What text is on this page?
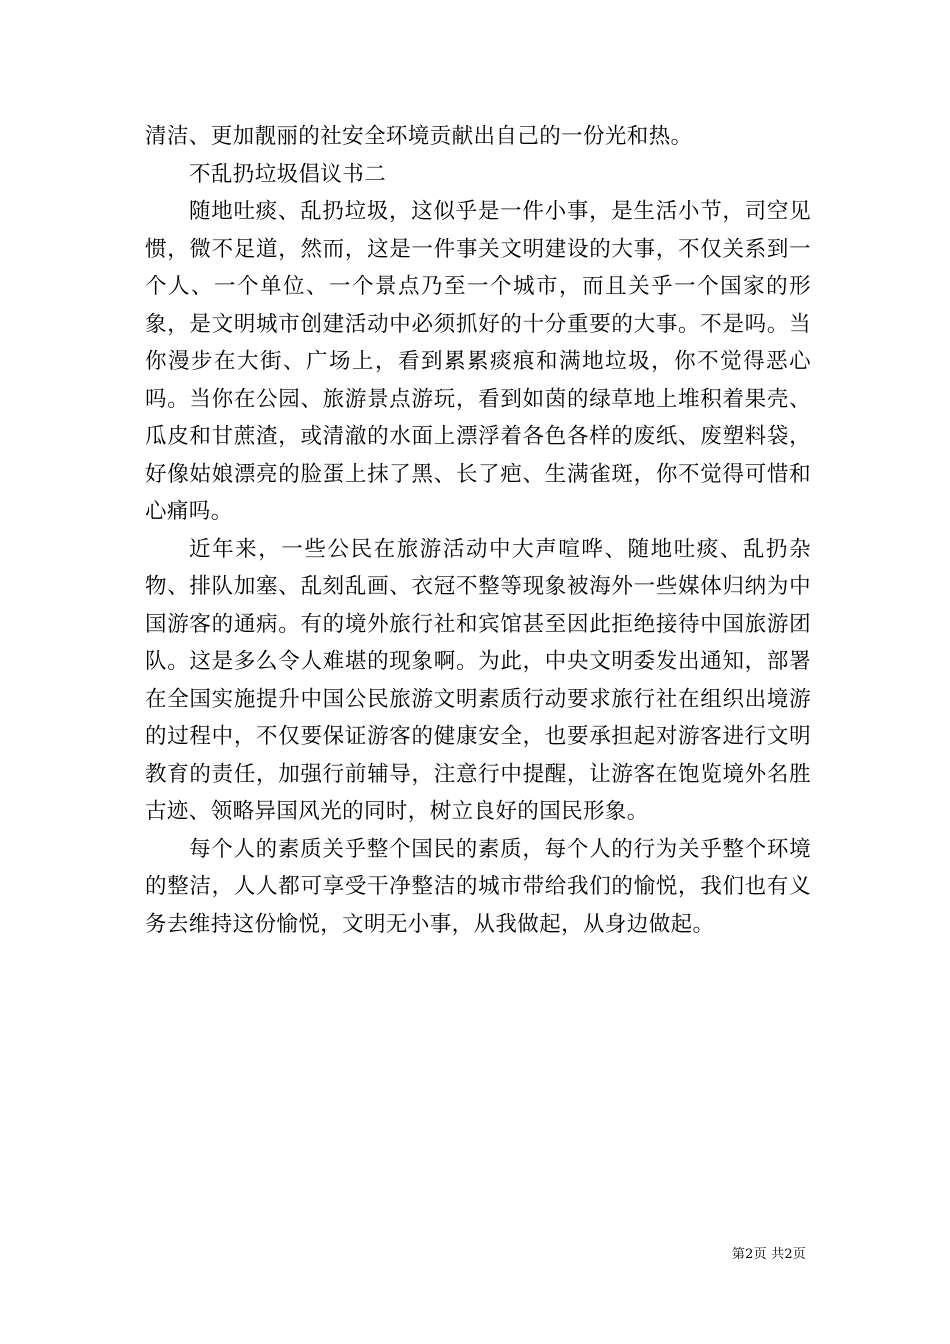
清洁、更加靓丽的社安全环境贡献出自己的一份光和热。

不乱扔垃圾倡议书二

随地吐痰、乱扔垃圾，这似乎是一件小事，是生活小节，司空见惯，微不足道，然而，这是一件事关文明建设的大事，不仅关系到一个人、一个单位、一个景点乃至一个城市，而且关乎一个国家的形象，是文明城市创建活动中必须抓好的十分重要的大事。不是吗。当你漫步在大街、广场上，看到累累痰痕和满地垃圾，你不觉得恶心吗。当你在公园、旅游景点游玩，看到如茵的绿草地上堆积着果壳、瓜皮和甘蔗渣，或清澈的水面上漂浮着各色各样的废纸、废塑料袋，好像姑娘漂亮的脸蛋上抹了黑、长了疤、生满雀斑，你不觉得可惜和心痛吗。

近年来，一些公民在旅游活动中大声喧哗、随地吐痰、乱扔杂物、排队加塞、乱刻乱画、衣冠不整等现象被海外一些媒体归纳为中国游客的通病。有的境外旅行社和宾馆甚至因此拒绝接待中国旅游团队。这是多么令人难堪的现象啊。为此，中央文明委发出通知，部署在全国实施提升中国公民旅游文明素质行动要求旅行社在组织出境游的过程中，不仅要保证游客的健康安全，也要承担起对游客进行文明教育的责任，加强行前辅导，注意行中提醒，让游客在饱览境外名胜古迹、领略异国风光的同时，树立良好的国民形象。

每个人的素质关乎整个国民的素质，每个人的行为关乎整个环境的整洁，人人都可享受干净整洁的城市带给我们的愉悦，我们也有义务去维持这份愉悦，文明无小事，从我做起，从身边做起。

第2页 共2页
